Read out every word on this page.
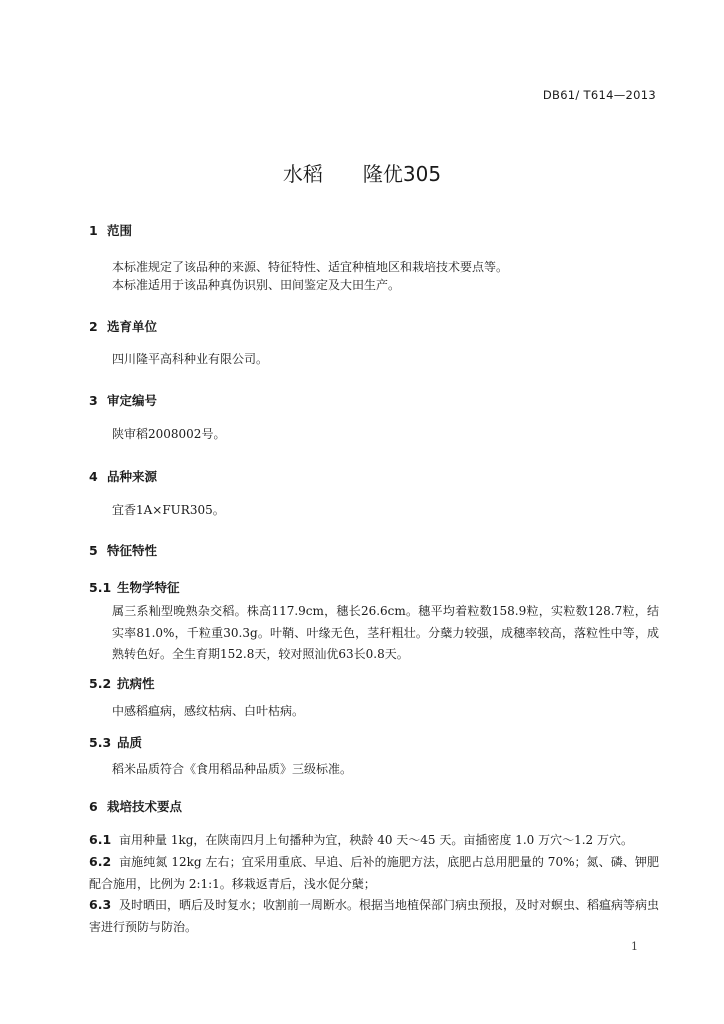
DB61/ T614—2013
水稻 隆优305
1 范围
本标准规定了该品种的来源、特征特性、适宜种植地区和栽培技术要点等。
本标准适用于该品种真伪识别、田间鉴定及大田生产。
2 选育单位
四川隆平高科种业有限公司。
3 审定编号
陕审稻2008002号。
4 品种来源
宜香1A×FUR305。
5 特征特性
5.1 生物学特征
属三系籼型晚熟杂交稻。株高117.9cm，穗长26.6cm。穗平均着粒数158.9粒，实粒数128.7粒，结实率81.0%，千粒重30.3g。叶鞘、叶缘无色，茎秆粗壮。分蘖力较强，成穗率较高，落粒性中等，成熟转色好。全生育期152.8天，较对照汕优63长0.8天。
5.2 抗病性
中感稻瘟病，感纹枯病、白叶枯病。
5.3 品质
稻米品质符合《食用稻品种品质》三级标准。
6 栽培技术要点
6.1 亩用种量 1kg，在陕南四月上旬播种为宜，秧龄 40 天～45 天。亩插密度 1.0 万穴～1.2 万穴。
6.2 亩施纯氮 12kg 左右；宜采用重底、早追、后补的施肥方法，底肥占总用肥量的 70%；氮、磷、钾肥配合施用，比例为 2:1:1。移栽返青后，浅水促分蘖；
6.3 及时晒田，晒后及时复水；收割前一周断水。根据当地植保部门病虫预报，及时对螟虫、稻瘟病等病虫害进行预防与防治。
1
